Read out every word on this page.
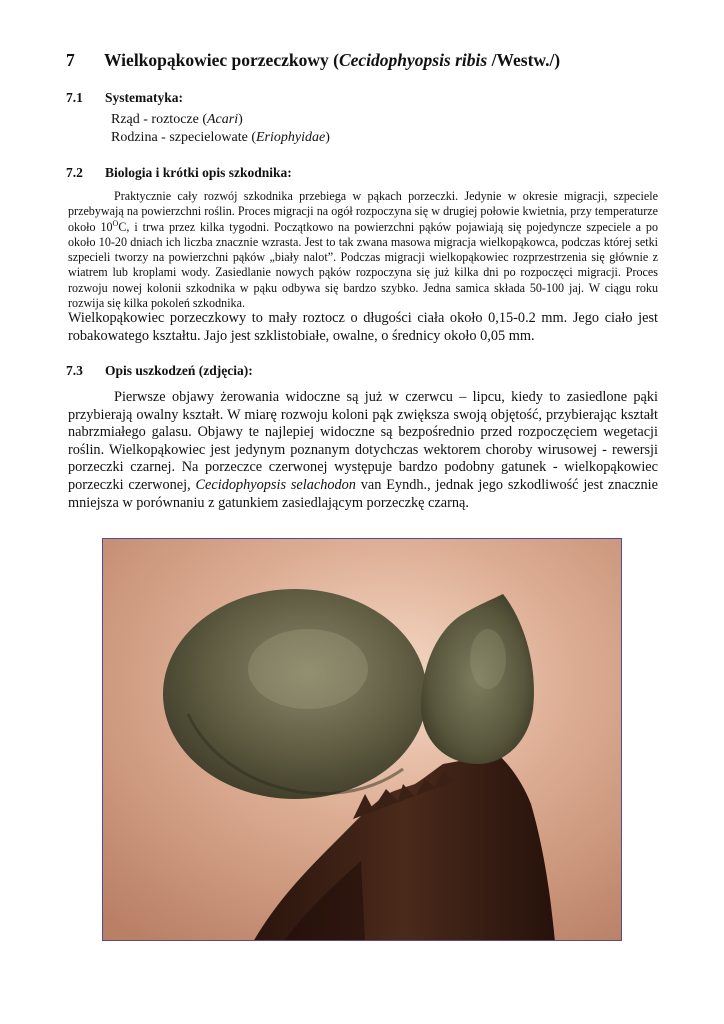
7 Wielkopąkowiec porzeczkowy (Cecidophyopsis ribis /Westw./)
7.1 Systematyka:
Rząd - roztocze (Acari)
Rodzina - szpecielowate (Eriophyidae)
7.2 Biologia i krótki opis szkodnika:
Praktycznie cały rozwój szkodnika przebiega w pąkach porzeczki. Jedynie w okresie migracji, szpeciele przebywają na powierzchni roślin. Proces migracji na ogół rozpoczyna się w drugiej połowie kwietnia, przy temperaturze około $10^OC$, i trwa przez kilka tygodni. Początkowo na powierzchni pąków pojawiają się pojedyncze szpeciele a po około 10-20 dniach ich liczba znacznie wzrasta. Jest to tak zwana masowa migracja wielkopąkowca, podczas której setki szpecieli tworzy na powierzchni pąków „biały nalot”. Podczas migracji wielkopąkowiec rozprzestrzenia się głównie z wiatrem lub kroplami wody. Zasiedlanie nowych pąków rozpoczyna się już kilka dni po rozpoczęci migracji. Proces rozwoju nowej kolonii szkodnika w pąku odbywa się bardzo szybko. Jedna samica składa 50-100 jaj. W ciągu roku rozwija się kilka pokoleń szkodnika.
Wielkopąkowiec porzeczkowy to mały roztocz o długości ciała około 0,15-0.2 mm. Jego ciało jest robakowatego kształtu. Jajo jest szklistobiałe, owalne, o średnicy około 0,05 mm.
7.3 Opis uszkodzeń (zdjęcia):
Pierwsze objawy żerowania widoczne są już w czerwcu – lipcu, kiedy to zasiedlone pąki przybierają owalny kształt. W miarę rozwoju koloni pąk zwiększa swoją objętość, przybierając kształt nabrzmiałego galasu. Objawy te najlepiej widoczne są bezpośrednio przed rozpoczęciem wegetacji roślin. Wielkopąkowiec jest jedynym poznanym dotychczas wektorem choroby wirusowej - rewersji porzeczki czarnej. Na porzeczce czerwonej występuje bardzo podobny gatunek - wielkopąkowiec porzeczki czerwonej, Cecidophyopsis selachodon van Eyndh., jednak jego szkodliwość jest znacznie mniejsza w porównaniu z gatunkiem zasiedlającym porzeczkę czarną.
